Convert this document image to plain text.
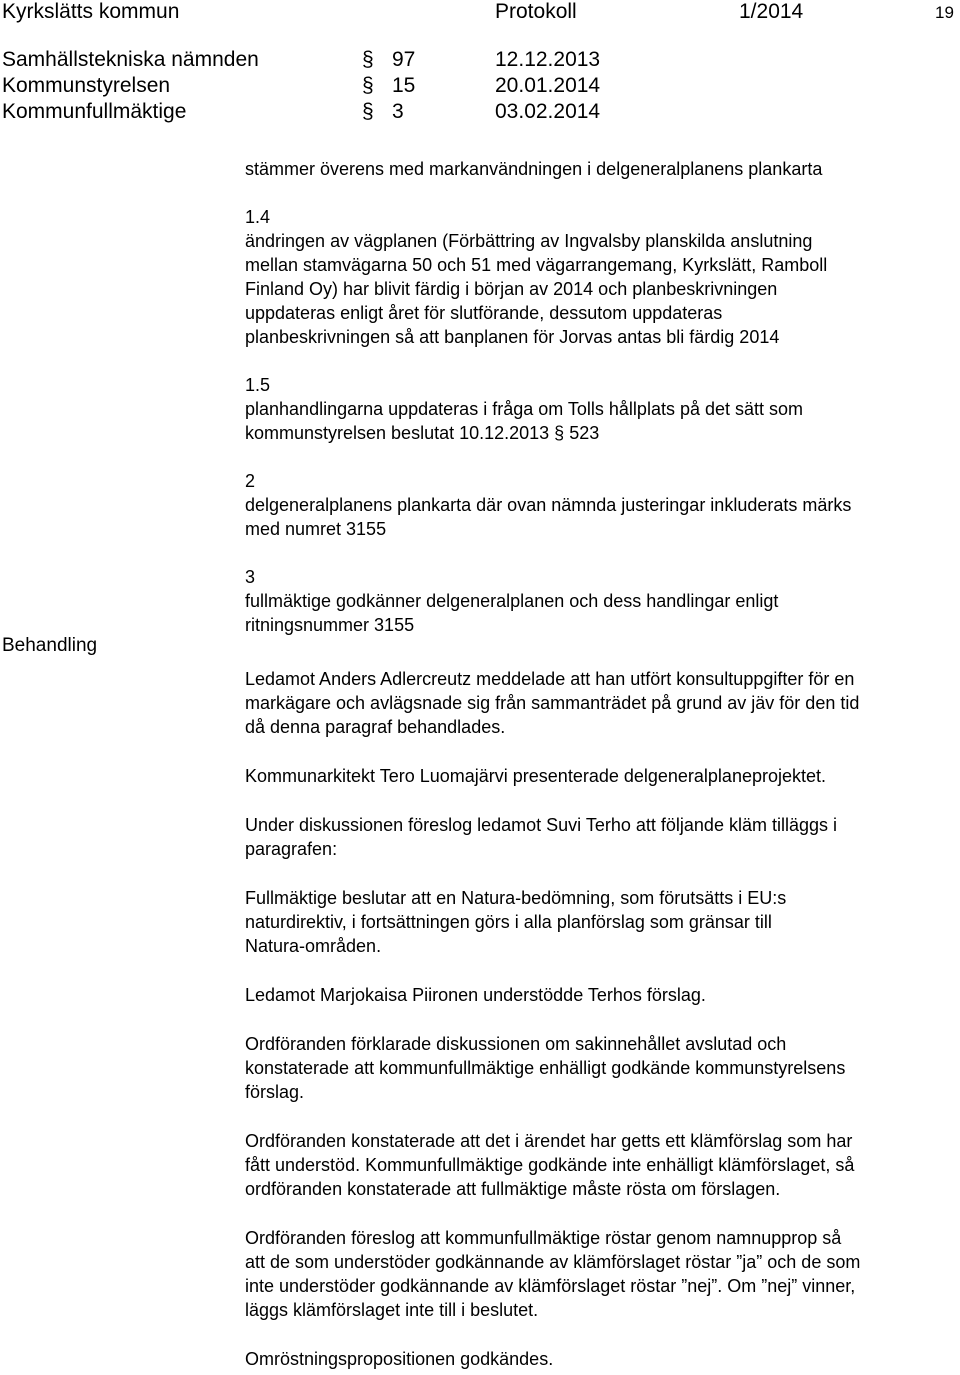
Kyrkslätts kommun	Protokoll	1/2014	19
Samhällstekniska nämnden	§ 97	12.12.2013
Kommunstyrelsen	§ 15	20.01.2014
Kommunfullmäktige	§ 3	03.02.2014
Behandling

stämmer överens med markanvändningen i delgeneralplanens plankarta

1.4
ändringen av vägplanen (Förbättring av Ingvalsby planskilda anslutning
mellan stamvägarna 50 och 51 med vägarrangemang, Kyrkslätt, Ramboll
Finland Oy) har blivit färdig i början av 2014 och planbeskrivningen
uppdateras enligt året för slutförande, dessutom uppdateras
planbeskrivningen så att banplanen för Jorvas antas bli färdig 2014

1.5
planhandlingarna uppdateras i fråga om Tolls hållplats på det sätt som
kommunstyrelsen beslutat 10.12.2013 § 523

2
delgeneralplanens plankarta där ovan nämnda justeringar inkluderats märks
med numret 3155

3
fullmäktige godkänner delgeneralplanen och dess handlingar enligt
ritningsnummer 3155

Ledamot Anders Adlercreutz meddelade att han utfört konsultuppgifter för en
markägare och avlägsnade sig från sammanträdet på grund av jäv för den tid
då denna paragraf behandlades.

Kommunarkitekt Tero Luomajärvi presenterade delgeneralplaneprojektet.

Under diskussionen föreslog ledamot Suvi Terho att följande kläm tilläggs i
paragrafen:

Fullmäktige beslutar att en Natura-bedömning, som förutsätts i EU:s
naturdirektiv, i fortsättningen görs i alla planförslag som gränsar till
Natura-områden.

Ledamot Marjokaisa Piironen understödde Terhos förslag.

Ordföranden förklarade diskussionen om sakinnehållet avslutad och
konstaterade att kommunfullmäktige enhälligt godkände kommunstyrelsens
förslag.

Ordföranden konstaterade att det i ärendet har getts ett klämförslag som har
fått understöd. Kommunfullmäktige godkände inte enhälligt klämförslaget, så
ordföranden konstaterade att fullmäktige måste rösta om förslagen.

Ordföranden föreslog att kommunfullmäktige röstar genom namnupprop så
att de som understöder godkännande av klämförslaget röstar ”ja” och de som
inte understöder godkännande av klämförslaget röstar ”nej”. Om ”nej” vinner,
läggs klämförslaget inte till i beslutet.

Omröstningspropositionen godkändes.
